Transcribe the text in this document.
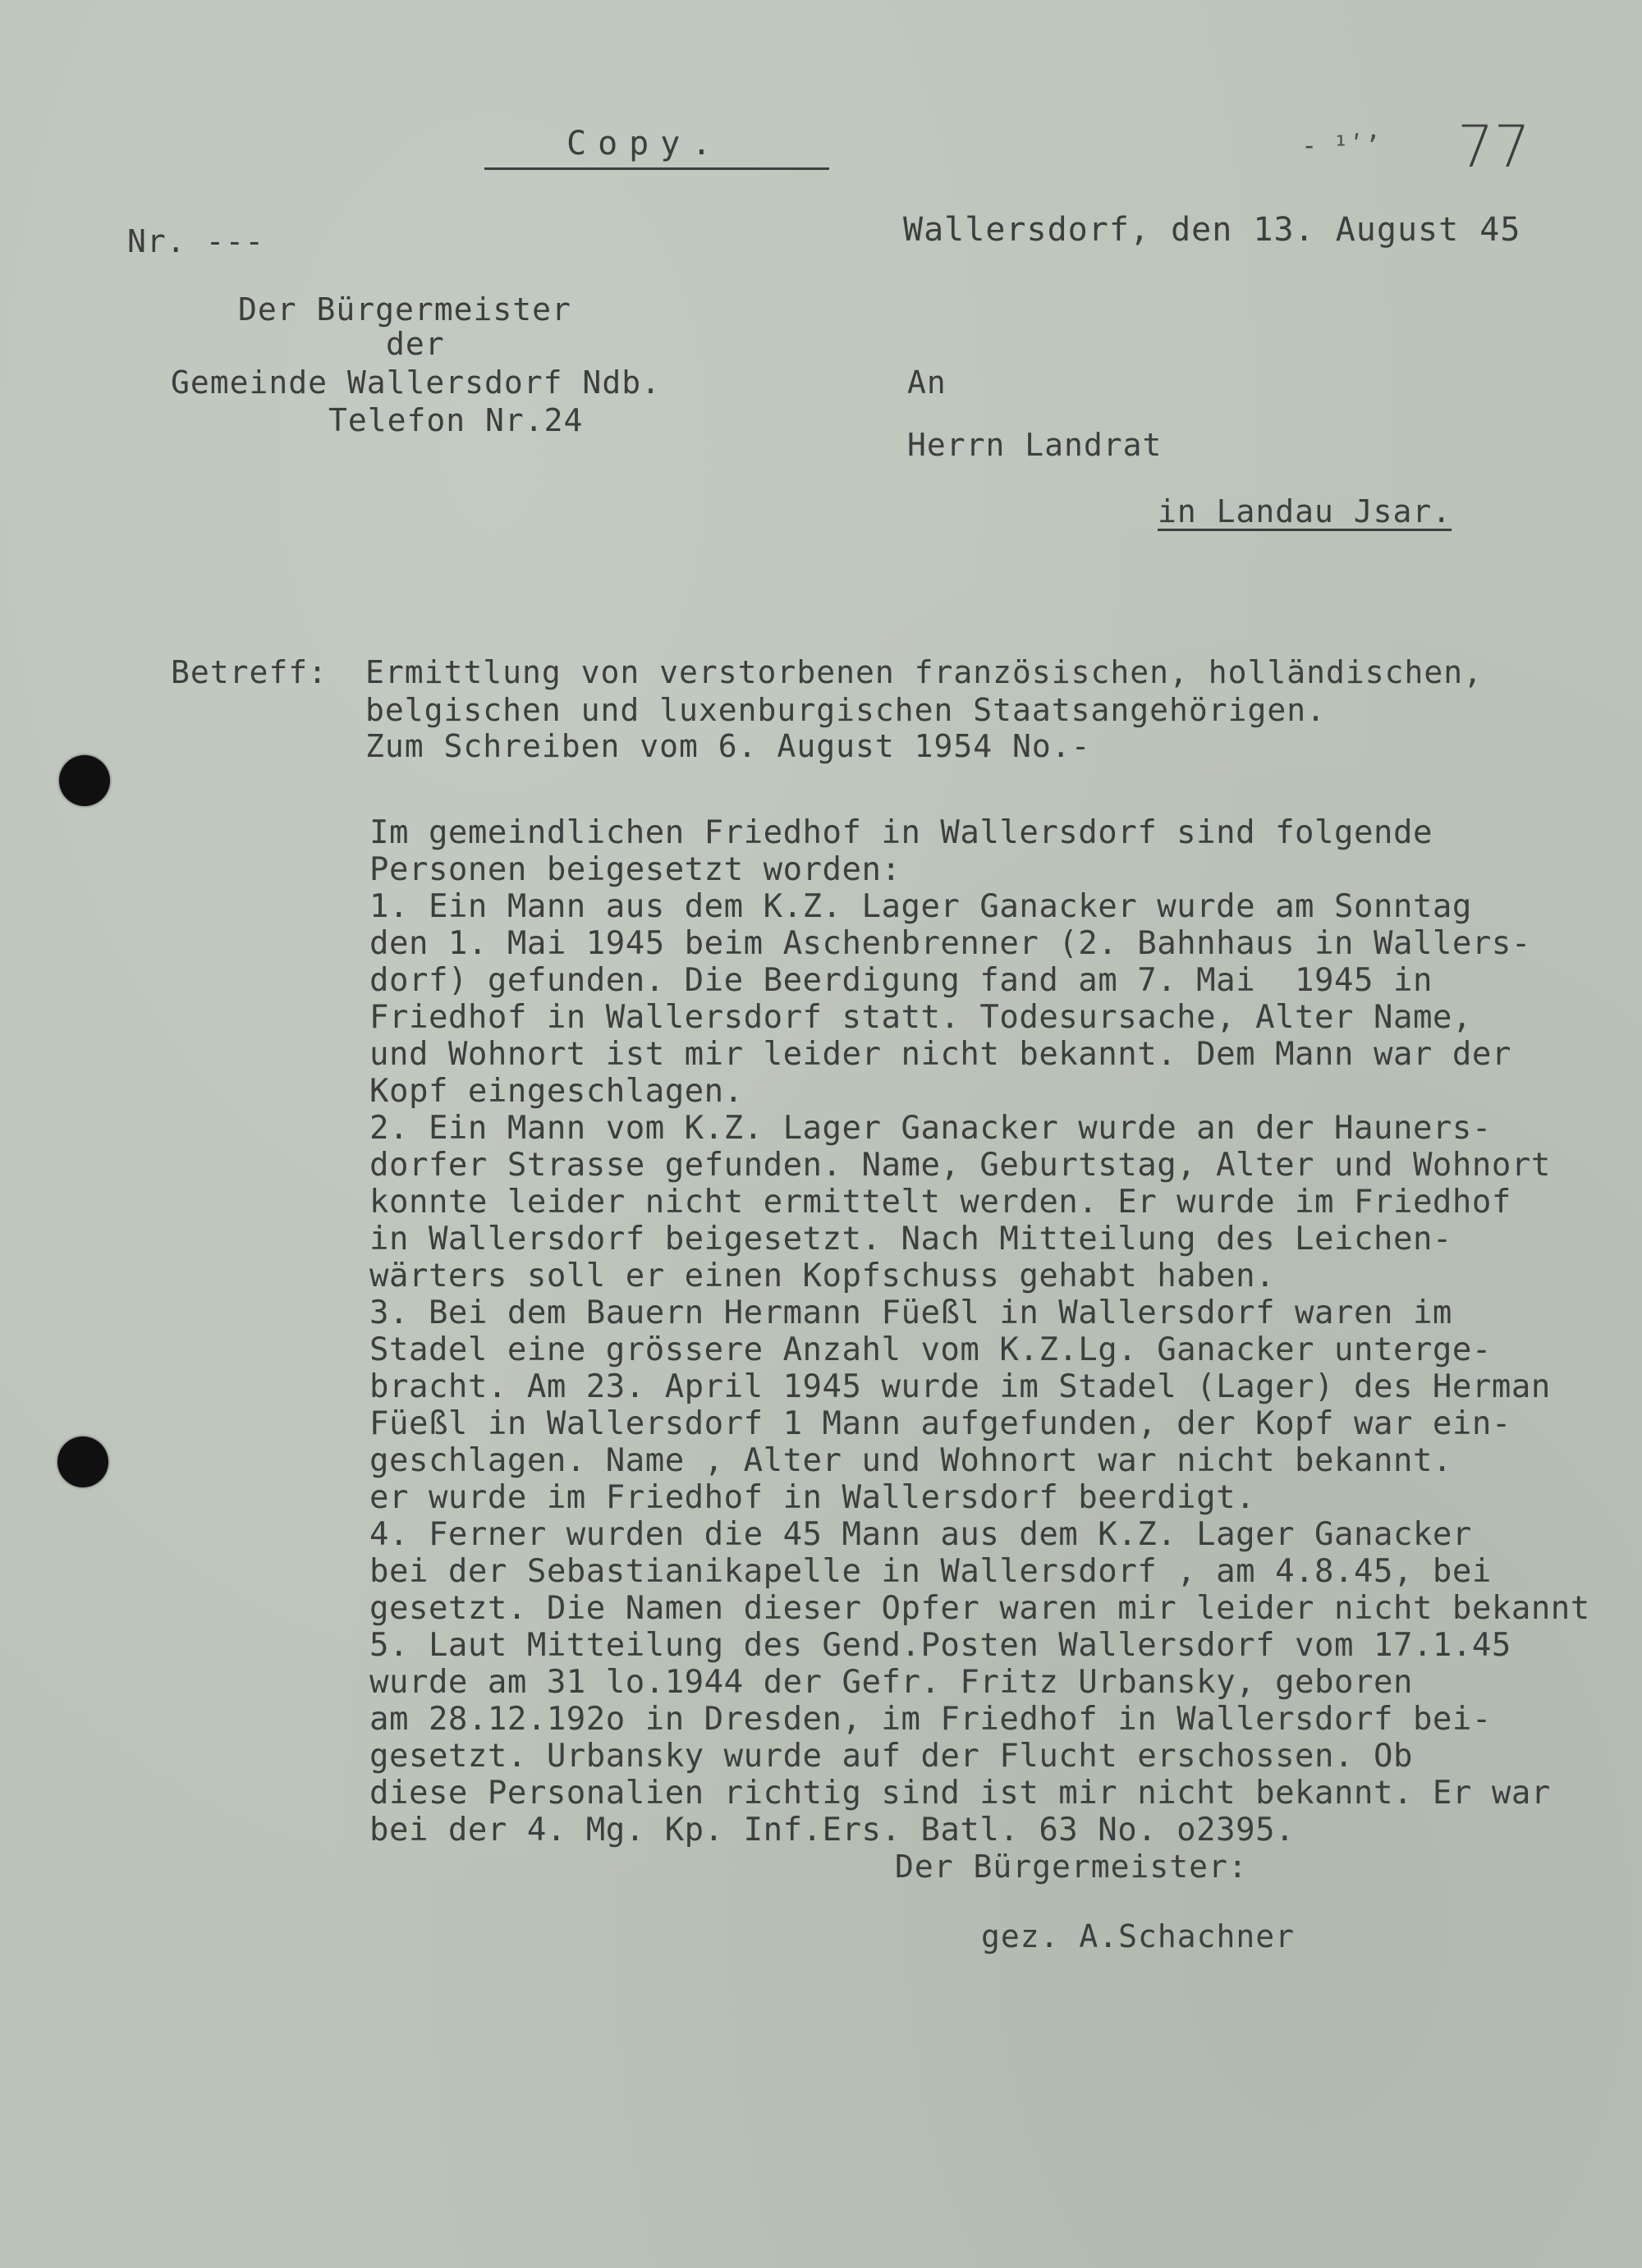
Copy.	- ¹ʹʼ 77
Nr. ---	Wallersdorf, den 13. August 45
Der Bürgermeister
der
Gemeinde Wallersdorf Ndb.
Telefon Nr.24
An
Herrn Landrat
in Landau Jsar.
Betreff: Ermittlung von verstorbenen französischen, holländischen,
belgischen und luxenburgischen Staatsangehörigen.
Zum Schreiben vom 6. August 1954 No.-
Im gemeindlichen Friedhof in Wallersdorf sind folgende
Personen beigesetzt worden:
1. Ein Mann aus dem K.Z. Lager Ganacker wurde am Sonntag
den 1. Mai 1945 beim Aschenbrenner (2. Bahnhaus in Wallers-
dorf) gefunden. Die Beerdigung fand am 7. Mai  1945 in
Friedhof in Wallersdorf statt. Todesursache, Alter Name,
und Wohnort ist mir leider nicht bekannt. Dem Mann war der
Kopf eingeschlagen.
2. Ein Mann vom K.Z. Lager Ganacker wurde an der Hauners-
dorfer Strasse gefunden. Name, Geburtstag, Alter und Wohnort
konnte leider nicht ermittelt werden. Er wurde im Friedhof
in Wallersdorf beigesetzt. Nach Mitteilung des Leichen-
wärters soll er einen Kopfschuss gehabt haben.
3. Bei dem Bauern Hermann Füeßl in Wallersdorf waren im
Stadel eine grössere Anzahl vom K.Z.Lg. Ganacker unterge-
bracht. Am 23. April 1945 wurde im Stadel (Lager) des Herman
Füeßl in Wallersdorf 1 Mann aufgefunden, der Kopf war ein-
geschlagen. Name , Alter und Wohnort war nicht bekannt.
er wurde im Friedhof in Wallersdorf beerdigt.
4. Ferner wurden die 45 Mann aus dem K.Z. Lager Ganacker
bei der Sebastianikapelle in Wallersdorf , am 4.8.45, bei
gesetzt. Die Namen dieser Opfer waren mir leider nicht bekannt
5. Laut Mitteilung des Gend.Posten Wallersdorf vom 17.1.45
wurde am 31 lo.1944 der Gefr. Fritz Urbansky, geboren
am 28.12.192o in Dresden, im Friedhof in Wallersdorf bei-
gesetzt. Urbansky wurde auf der Flucht erschossen. Ob
diese Personalien richtig sind ist mir nicht bekannt. Er war
bei der 4. Mg. Kp. Inf.Ers. Batl. 63 No. o2395.
Der Bürgermeister:
gez. A.Schachner
